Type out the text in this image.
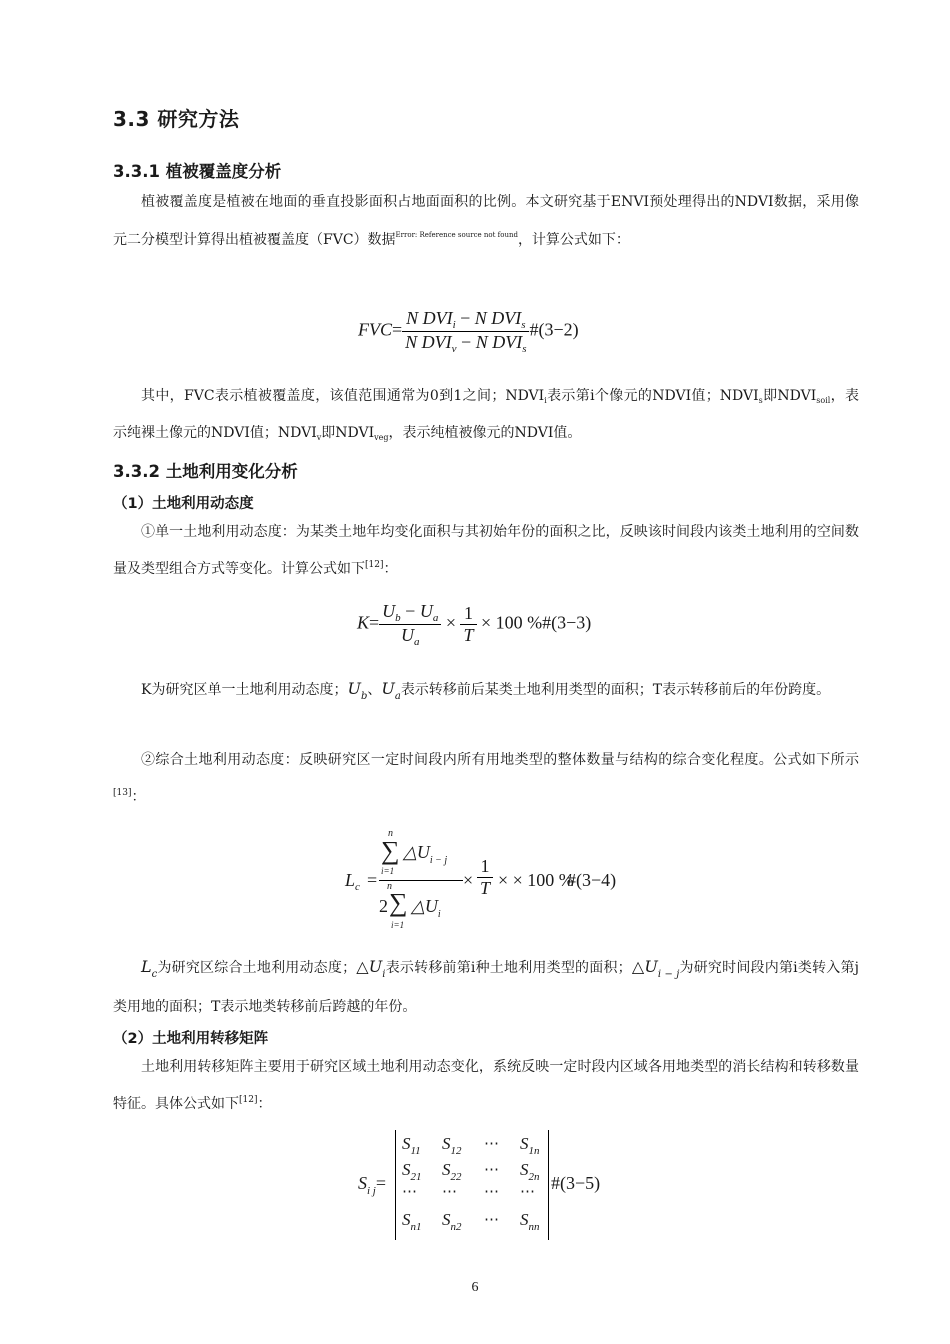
3.3 研究方法
3.3.1 植被覆盖度分析

植被覆盖度是植被在地面的垂直投影面积占地面面积的比例。本文研究基于ENVI预处理得出的NDVI数据，采用像元二分模型计算得出植被覆盖度（FVC）数据$^{Error: Reference source not found}$，计算公式如下：

$FVC= \frac{N DVI_i - N DVI_s}{N DVI_v - N DVI_s}$ #(3−2)

其中，FVC表示植被覆盖度，该值范围通常为0到1之间；$NDVI_i$表示第i个像元的NDVI值；$NDVI_s$即$NDVI_{soil}$，表示纯裸土像元的NDVI值；$NDVI_v$即$NDVI_{veg}$，表示纯植被像元的NDVI值。

3.3.2 土地利用变化分析
（1）土地利用动态度

①单一土地利用动态度：为某类土地年均变化面积与其初始年份的面积之比，反映该时间段内该类土地利用的空间数量及类型组合方式等变化。计算公式如下[12]：

$K= \frac{U_b - U_a}{U_a} \times \frac{1}{T} \times 100$ %#(3−3)

K为研究区单一土地利用动态度；$U_b$、$U_a$表示转移前后某类土地利用类型的面积；T表示转移前后的年份跨度。

②综合土地利用动态度：反映研究区一定时间段内所有用地类型的整体数量与结构的综合变化程度。公式如下所示[13]：

$L_c$ =
n
∑
i=1
$\triangle U_{i - j}$
n
2 ∑
i=1
$\triangle U_i$
× $\frac{1}{T}$ × × 100 %
#(3−4)

$L_c$为研究区综合土地利用动态度；$\triangle U_i$表示转移前第i种土地利用类型的面积；$\triangle U_{i - j}$为研究时间段内第i类转入第j类用地的面积；T表示地类转移前后跨越的年份。

（2）土地利用转移矩阵

土地利用转移矩阵主要用于研究区域土地利用动态变化，系统反映一定时段内区域各用地类型的消长结构和转移数量特征。具体公式如下[12]：

$S_{i j}=$
$S_{11}$ $S_{12}$ ⋯ $S_{1n}$
$S_{21}$ $S_{22}$ ⋯ $S_{2n}$
⋯ ⋯ ⋯ ⋯
$S_{n1}$ $S_{n2}$ ⋯ $S_{nn}$
#(3−5)
6
